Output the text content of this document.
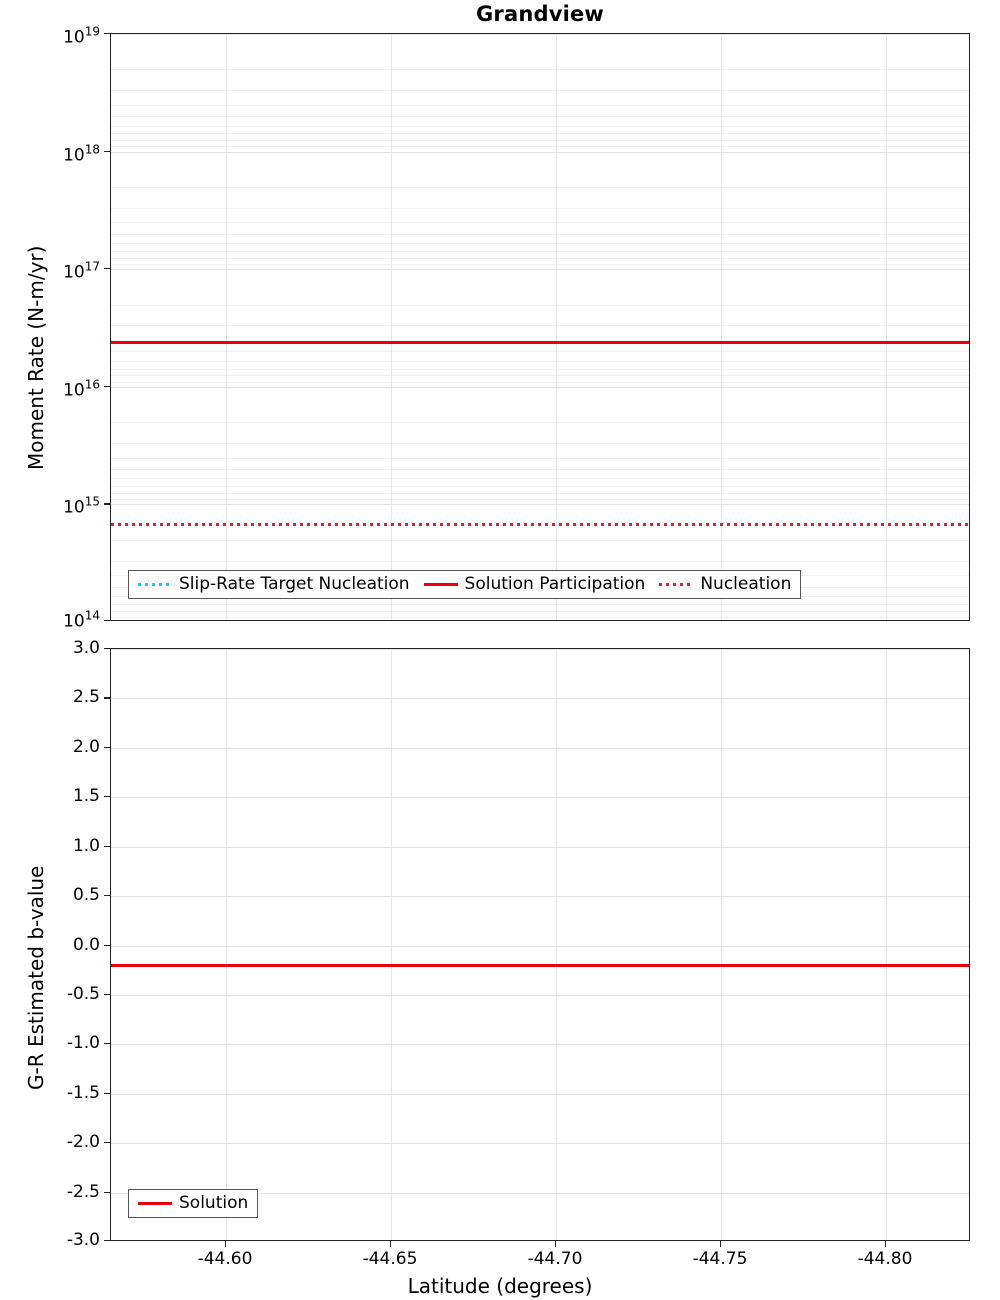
Grandview
$10^{19}$
$10^{18}$
$10^{17}$
$10^{16}$
$10^{15}$
$10^{14}$
Moment Rate (N-m/yr)
3.0
2.5
2.0
1.5
1.0
0.5
0.0
-0.5
-1.0
-1.5
-2.0
-2.5
-3.0
G-R Estimated b-value
-44.60	-44.65	-44.70	-44.75	-44.80
Latitude (degrees)
Slip-Rate Target Nucleation	Solution Participation	Nucleation
Solution
